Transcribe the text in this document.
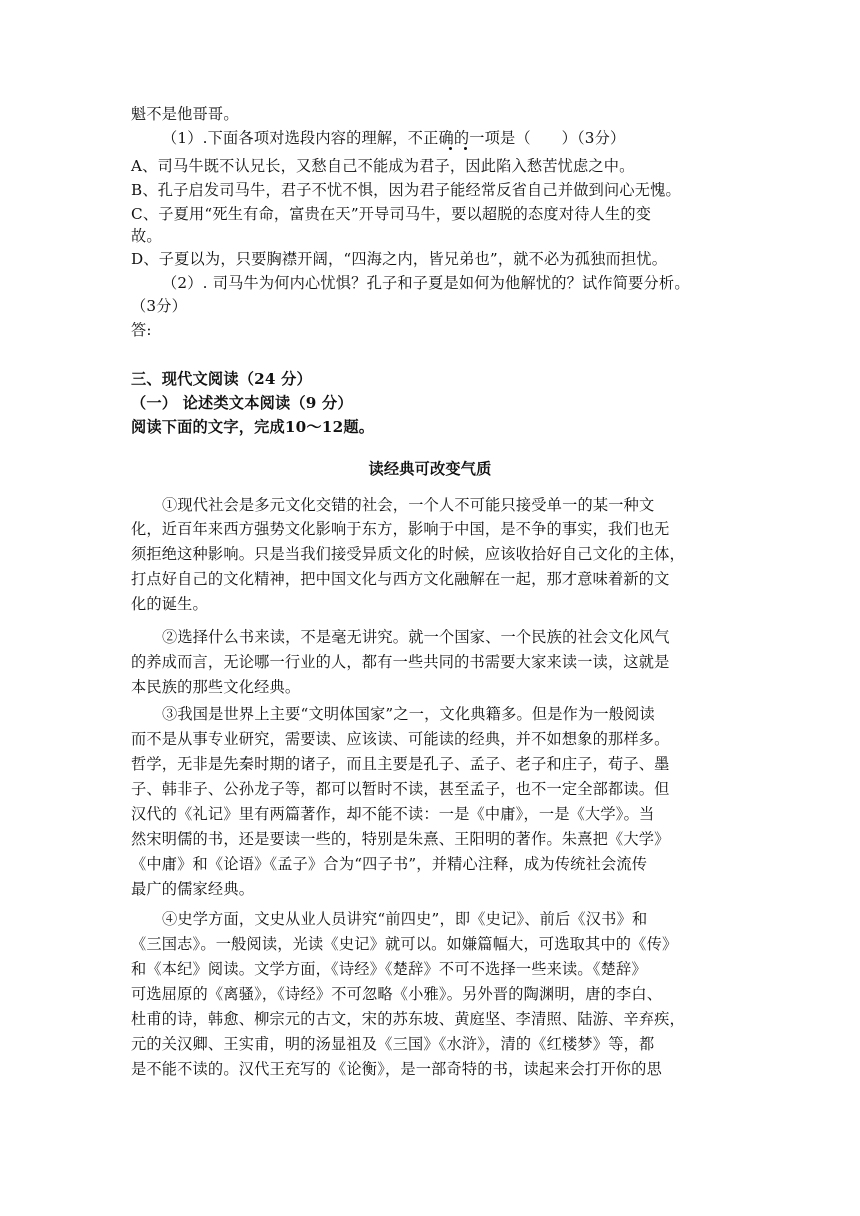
魁不是他哥哥。
（1）.下面各项对选段内容的理解，不正确的一项是（　　）（3分）
A、司马牛既不认兄长，又愁自己不能成为君子，因此陷入愁苦忧虑之中。
B、孔子启发司马牛，君子不忧不惧，因为君子能经常反省自己并做到问心无愧。
C、子夏用“死生有命，富贵在天”开导司马牛，要以超脱的态度对待人生的变
故。
D、子夏以为，只要胸襟开阔，“四海之内，皆兄弟也”，就不必为孤独而担忧。
（2）. 司马牛为何内心忧惧？孔子和子夏是如何为他解忧的？试作简要分析。
（3分）
答:
三、现代文阅读（24 分）
（一） 论述类文本阅读（9 分）
阅读下面的文字，完成10～12题。
读经典可改变气质
①现代社会是多元文化交错的社会，一个人不可能只接受单一的某一种文
化，近百年来西方强势文化影响于东方，影响于中国，是不争的事实，我们也无
须拒绝这种影响。只是当我们接受异质文化的时候，应该收拾好自己文化的主体，
打点好自己的文化精神，把中国文化与西方文化融解在一起，那才意味着新的文
化的诞生。
②选择什么书来读，不是毫无讲究。就一个国家、一个民族的社会文化风气
的养成而言，无论哪一行业的人，都有一些共同的书需要大家来读一读，这就是
本民族的那些文化经典。
③我国是世界上主要“文明体国家”之一，文化典籍多。但是作为一般阅读
而不是从事专业研究，需要读、应该读、可能读的经典，并不如想象的那样多。
哲学，无非是先秦时期的诸子，而且主要是孔子、孟子、老子和庄子，荀子、墨
子、韩非子、公孙龙子等，都可以暂时不读，甚至孟子，也不一定全部都读。但
汉代的《礼记》里有两篇著作，却不能不读：一是《中庸》，一是《大学》。当
然宋明儒的书，还是要读一些的，特别是朱熹、王阳明的著作。朱熹把《大学》
《中庸》和《论语》《孟子》合为“四子书”，并精心注释，成为传统社会流传
最广的儒家经典。
④史学方面，文史从业人员讲究“前四史”，即《史记》、前后《汉书》和
《三国志》。一般阅读，光读《史记》就可以。如嫌篇幅大，可选取其中的《传》
和《本纪》阅读。文学方面，《诗经》《楚辞》不可不选择一些来读。《楚辞》
可选屈原的《离骚》，《诗经》不可忽略《小雅》。另外晋的陶渊明，唐的李白、
杜甫的诗，韩愈、柳宗元的古文，宋的苏东坡、黄庭坚、李清照、陆游、辛弃疾，
元的关汉卿、王实甫，明的汤显祖及《三国》《水浒》，清的《红楼梦》等，都
是不能不读的。汉代王充写的《论衡》，是一部奇特的书，读起来会打开你的思
